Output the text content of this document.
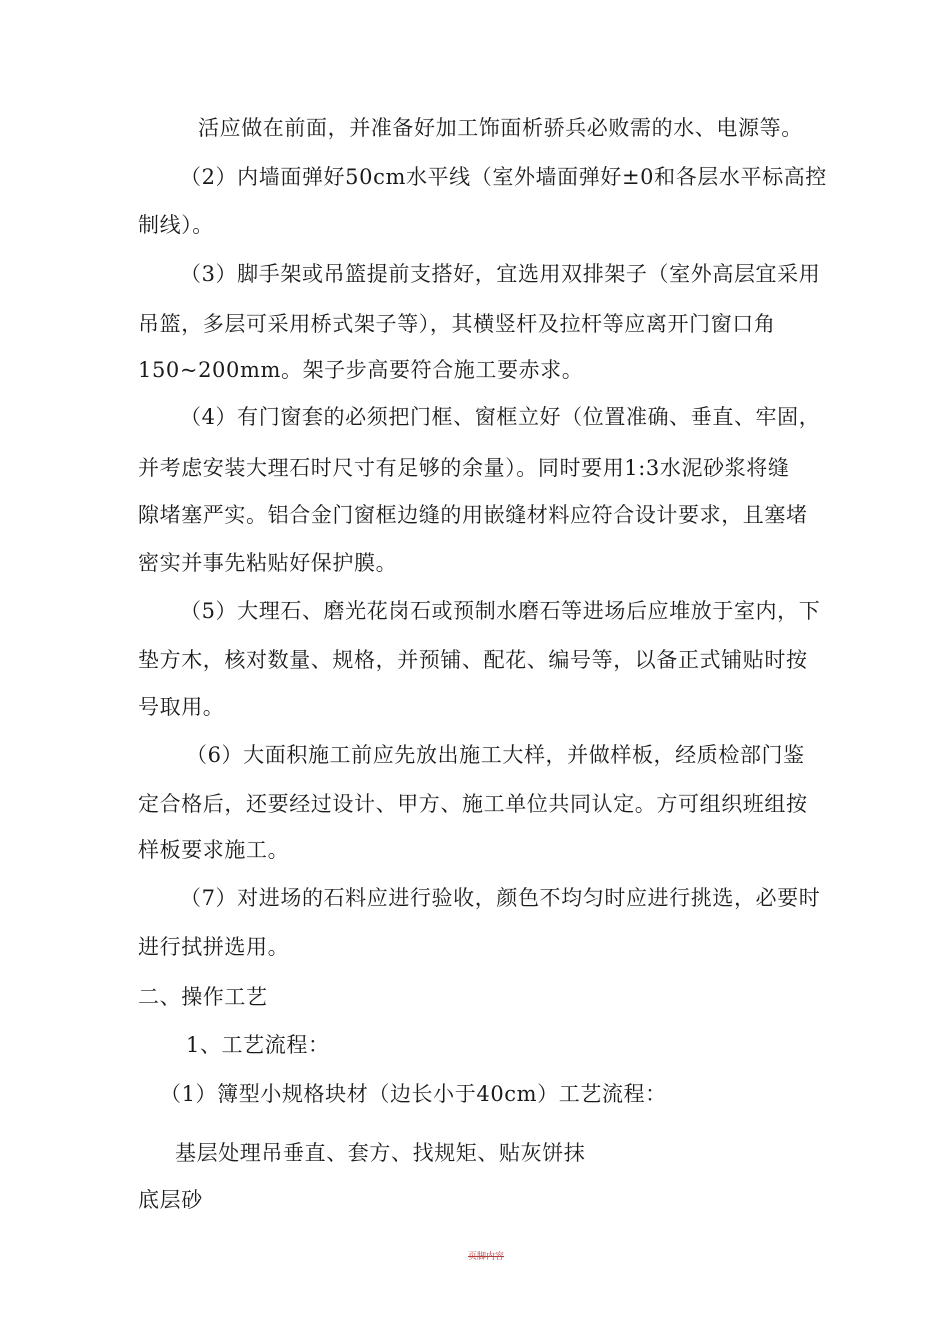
活应做在前面，并准备好加工饰面析骄兵必败需的水、电源等。
（2）内墙面弹好50cm水平线（室外墙面弹好±0和各层水平标高控
制线）。
（3）脚手架或吊篮提前支搭好，宜选用双排架子（室外高层宜采用
吊篮，多层可采用桥式架子等），其横竖杆及拉杆等应离开门窗口角
150~200mm。架子步高要符合施工要赤求。
（4）有门窗套的必须把门框、窗框立好（位置准确、垂直、牢固，
并考虑安装大理石时尺寸有足够的余量）。同时要用1:3水泥砂浆将缝
隙堵塞严实。铝合金门窗框边缝的用嵌缝材料应符合设计要求，且塞堵
密实并事先粘贴好保护膜。
（5）大理石、磨光花岗石或预制水磨石等进场后应堆放于室内，下
垫方木，核对数量、规格，并预铺、配花、编号等，以备正式铺贴时按
号取用。
（6）大面积施工前应先放出施工大样，并做样板，经质检部门鉴
定合格后，还要经过设计、甲方、施工单位共同认定。方可组织班组按
样板要求施工。
（7）对进场的石料应进行验收，颜色不均匀时应进行挑选，必要时
进行拭拼选用。
二、操作工艺
1、工艺流程：
（1）簿型小规格块材（边长小于40cm）工艺流程：
基层处理吊垂直、套方、找规矩、贴灰饼抹
底层砂
页脚内容
